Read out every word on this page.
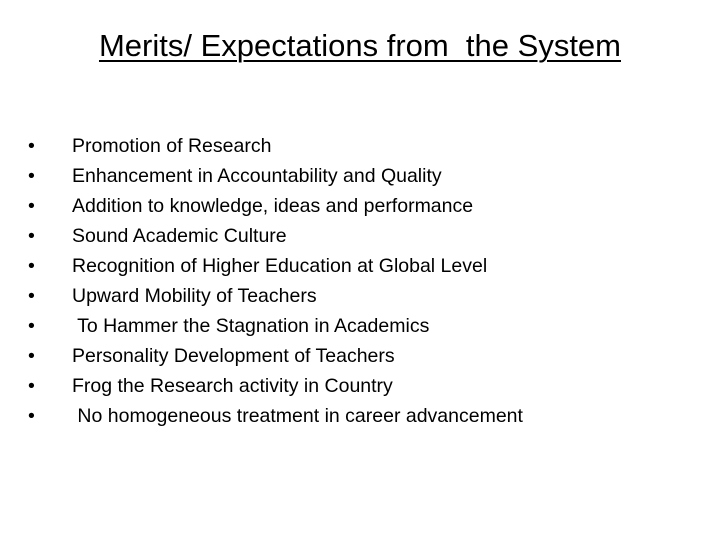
Merits/ Expectations from  the System
•	Promotion of Research
•	Enhancement in Accountability and Quality
•	Addition to knowledge, ideas and performance
•	Sound Academic Culture
•	Recognition of Higher Education at Global Level
•	Upward Mobility of Teachers
•	To Hammer the Stagnation in Academics
•	Personality Development of Teachers
•	Frog the Research activity in Country
•	No homogeneous treatment in career advancement
